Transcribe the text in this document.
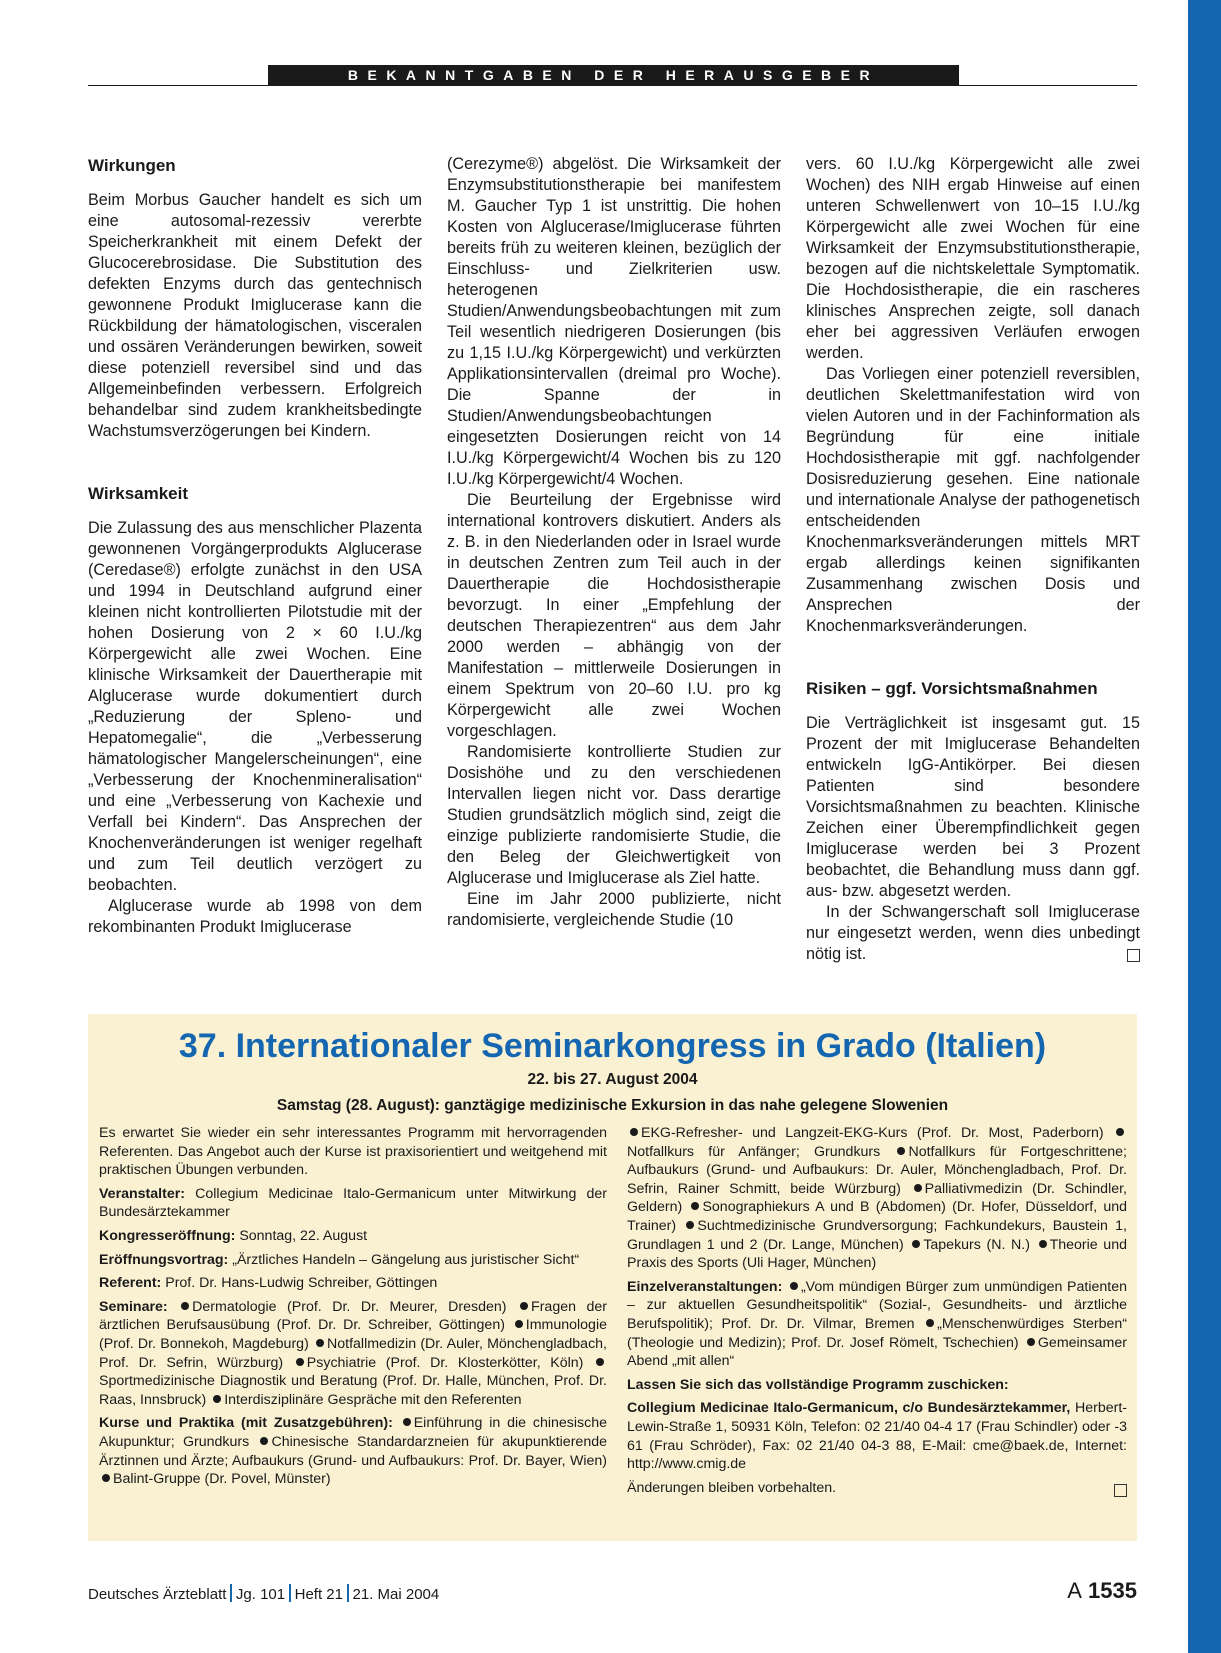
BEKANNTGABEN DER HERAUSGEBER
Wirkungen

Beim Morbus Gaucher handelt es sich um eine autosomal-rezessiv vererbte Speicherkrankheit mit einem Defekt der Glucocerebrosidase. Die Substitution des defekten Enzyms durch das gentechnisch gewonnene Produkt Imiglucerase kann die Rückbildung der hämatologischen, visceralen und ossären Veränderungen bewirken, soweit diese potenziell reversibel sind und das Allgemeinbefinden verbessern. Erfolgreich behandelbar sind zudem krankheitsbedingte Wachstumsverzögerungen bei Kindern.

Wirksamkeit

Die Zulassung des aus menschlicher Plazenta gewonnenen Vorgängerprodukts Alglucerase (Ceredase®) erfolgte zunächst in den USA und 1994 in Deutschland aufgrund einer kleinen nicht kontrollierten Pilotstudie mit der hohen Dosierung von 2 × 60 I.U./kg Körpergewicht alle zwei Wochen. Eine klinische Wirksamkeit der Dauertherapie mit Alglucerase wurde dokumentiert durch „Reduzierung der Spleno- und Hepatomegalie“, die „Verbesserung hämatologischer Mangelerscheinungen“, eine „Verbesserung der Knochenmineralisation“ und eine „Verbesserung von Kachexie und Verfall bei Kindern“. Das Ansprechen der Knochenveränderungen ist weniger regelhaft und zum Teil deutlich verzögert zu beobachten.

Alglucerase wurde ab 1998 von dem rekombinanten Produkt Imiglucerase

(Cerezyme®) abgelöst. Die Wirksamkeit der Enzymsubstitutionstherapie bei manifestem M. Gaucher Typ 1 ist unstrittig. Die hohen Kosten von Alglucerase/Imiglucerase führten bereits früh zu weiteren kleinen, bezüglich der Einschluss- und Zielkriterien usw. heterogenen Studien/Anwendungsbeobachtungen mit zum Teil wesentlich niedrigeren Dosierungen (bis zu 1,15 I.U./kg Körpergewicht) und verkürzten Applikationsintervallen (dreimal pro Woche). Die Spanne der in Studien/Anwendungsbeobachtungen eingesetzten Dosierungen reicht von 14 I.U./kg Körpergewicht/4 Wochen bis zu 120 I.U./kg Körpergewicht/4 Wochen.

Die Beurteilung der Ergebnisse wird international kontrovers diskutiert. Anders als z. B. in den Niederlanden oder in Israel wurde in deutschen Zentren zum Teil auch in der Dauertherapie die Hochdosistherapie bevorzugt. In einer „Empfehlung der deutschen Therapiezentren“ aus dem Jahr 2000 werden – abhängig von der Manifestation – mittlerweile Dosierungen in einem Spektrum von 20–60 I.U. pro kg Körpergewicht alle zwei Wochen vorgeschlagen.

Randomisierte kontrollierte Studien zur Dosishöhe und zu den verschiedenen Intervallen liegen nicht vor. Dass derartige Studien grundsätzlich möglich sind, zeigt die einzige publizierte randomisierte Studie, die den Beleg der Gleichwertigkeit von Alglucerase und Imiglucerase als Ziel hatte.

Eine im Jahr 2000 publizierte, nicht randomisierte, vergleichende Studie (10

vers. 60 I.U./kg Körpergewicht alle zwei Wochen) des NIH ergab Hinweise auf einen unteren Schwellenwert von 10–15 I.U./kg Körpergewicht alle zwei Wochen für eine Wirksamkeit der Enzymsubstitutionstherapie, bezogen auf die nichtskelettale Symptomatik. Die Hochdosistherapie, die ein rascheres klinisches Ansprechen zeigte, soll danach eher bei aggressiven Verläufen erwogen werden.

Das Vorliegen einer potenziell reversiblen, deutlichen Skelettmanifestation wird von vielen Autoren und in der Fachinformation als Begründung für eine initiale Hochdosistherapie mit ggf. nachfolgender Dosisreduzierung gesehen. Eine nationale und internationale Analyse der pathogenetisch entscheidenden Knochenmarksveränderungen mittels MRT ergab allerdings keinen signifikanten Zusammenhang zwischen Dosis und Ansprechen der Knochenmarksveränderungen.

Risiken – ggf. Vorsichtsmaßnahmen

Die Verträglichkeit ist insgesamt gut. 15 Prozent der mit Imiglucerase Behandelten entwickeln IgG-Antikörper. Bei diesen Patienten sind besondere Vorsichtsmaßnahmen zu beachten. Klinische Zeichen einer Überempfindlichkeit gegen Imiglucerase werden bei 3 Prozent beobachtet, die Behandlung muss dann ggf. aus- bzw. abgesetzt werden.

In der Schwangerschaft soll Imiglucerase nur eingesetzt werden, wenn dies unbedingt nötig ist.

37. Internationaler Seminarkongress in Grado (Italien)
22. bis 27. August 2004
Samstag (28. August): ganztägige medizinische Exkursion in das nahe gelegene Slowenien

Es erwartet Sie wieder ein sehr interessantes Programm mit hervorragenden Referenten. Das Angebot auch der Kurse ist praxisorientiert und weitgehend mit praktischen Übungen verbunden.

Veranstalter: Collegium Medicinae Italo-Germanicum unter Mitwirkung der Bundesärztekammer

Kongresseröffnung: Sonntag, 22. August

Eröffnungsvortrag: „Ärztliches Handeln – Gängelung aus juristischer Sicht“

Referent: Prof. Dr. Hans-Ludwig Schreiber, Göttingen

Seminare: Dermatologie (Prof. Dr. Dr. Meurer, Dresden) Fragen der ärztlichen Berufsausübung (Prof. Dr. Dr. Schreiber, Göttingen) Immunologie (Prof. Dr. Bonnekoh, Magdeburg) Notfallmedizin (Dr. Auler, Mönchengladbach, Prof. Dr. Sefrin, Würzburg) Psychiatrie (Prof. Dr. Klosterkötter, Köln) Sportmedizinische Diagnostik und Beratung (Prof. Dr. Halle, München, Prof. Dr. Raas, Innsbruck) Interdisziplinäre Gespräche mit den Referenten

Kurse und Praktika (mit Zusatzgebühren): Einführung in die chinesische Akupunktur; Grundkurs Chinesische Standardarzneien für akupunktierende Ärztinnen und Ärzte; Aufbaukurs (Grund- und Aufbaukurs: Prof. Dr. Bayer, Wien) Balint-Gruppe (Dr. Povel, Münster)

EKG-Refresher- und Langzeit-EKG-Kurs (Prof. Dr. Most, Paderborn) Notfallkurs für Anfänger; Grundkurs Notfallkurs für Fortgeschrittene; Aufbaukurs (Grund- und Aufbaukurs: Dr. Auler, Mönchengladbach, Prof. Dr. Sefrin, Rainer Schmitt, beide Würzburg) Palliativmedizin (Dr. Schindler, Geldern) Sonographiekurs A und B (Abdomen) (Dr. Hofer, Düsseldorf, und Trainer) Suchtmedizinische Grundversorgung; Fachkundekurs, Baustein 1, Grundlagen 1 und 2 (Dr. Lange, München) Tapekurs (N. N.) Theorie und Praxis des Sports (Uli Hager, München)

Einzelveranstaltungen: „Vom mündigen Bürger zum unmündigen Patienten – zur aktuellen Gesundheitspolitik“ (Sozial-, Gesundheits- und ärztliche Berufspolitik); Prof. Dr. Dr. Vilmar, Bremen „Menschenwürdiges Sterben“ (Theologie und Medizin); Prof. Dr. Josef Römelt, Tschechien) Gemeinsamer Abend „mit allen“

Lassen Sie sich das vollständige Programm zuschicken:

Collegium Medicinae Italo-Germanicum, c/o Bundesärztekammer, Herbert-Lewin-Straße 1, 50931 Köln, Telefon: 02 21/40 04-4 17 (Frau Schindler) oder -3 61 (Frau Schröder), Fax: 02 21/40 04-3 88, E-Mail: cme@baek.de, Internet: http://www.cmig.de

Änderungen bleiben vorbehalten.

Deutsches Ärzteblatt Jg. 101 Heft 21 21. Mai 2004	A 1535
